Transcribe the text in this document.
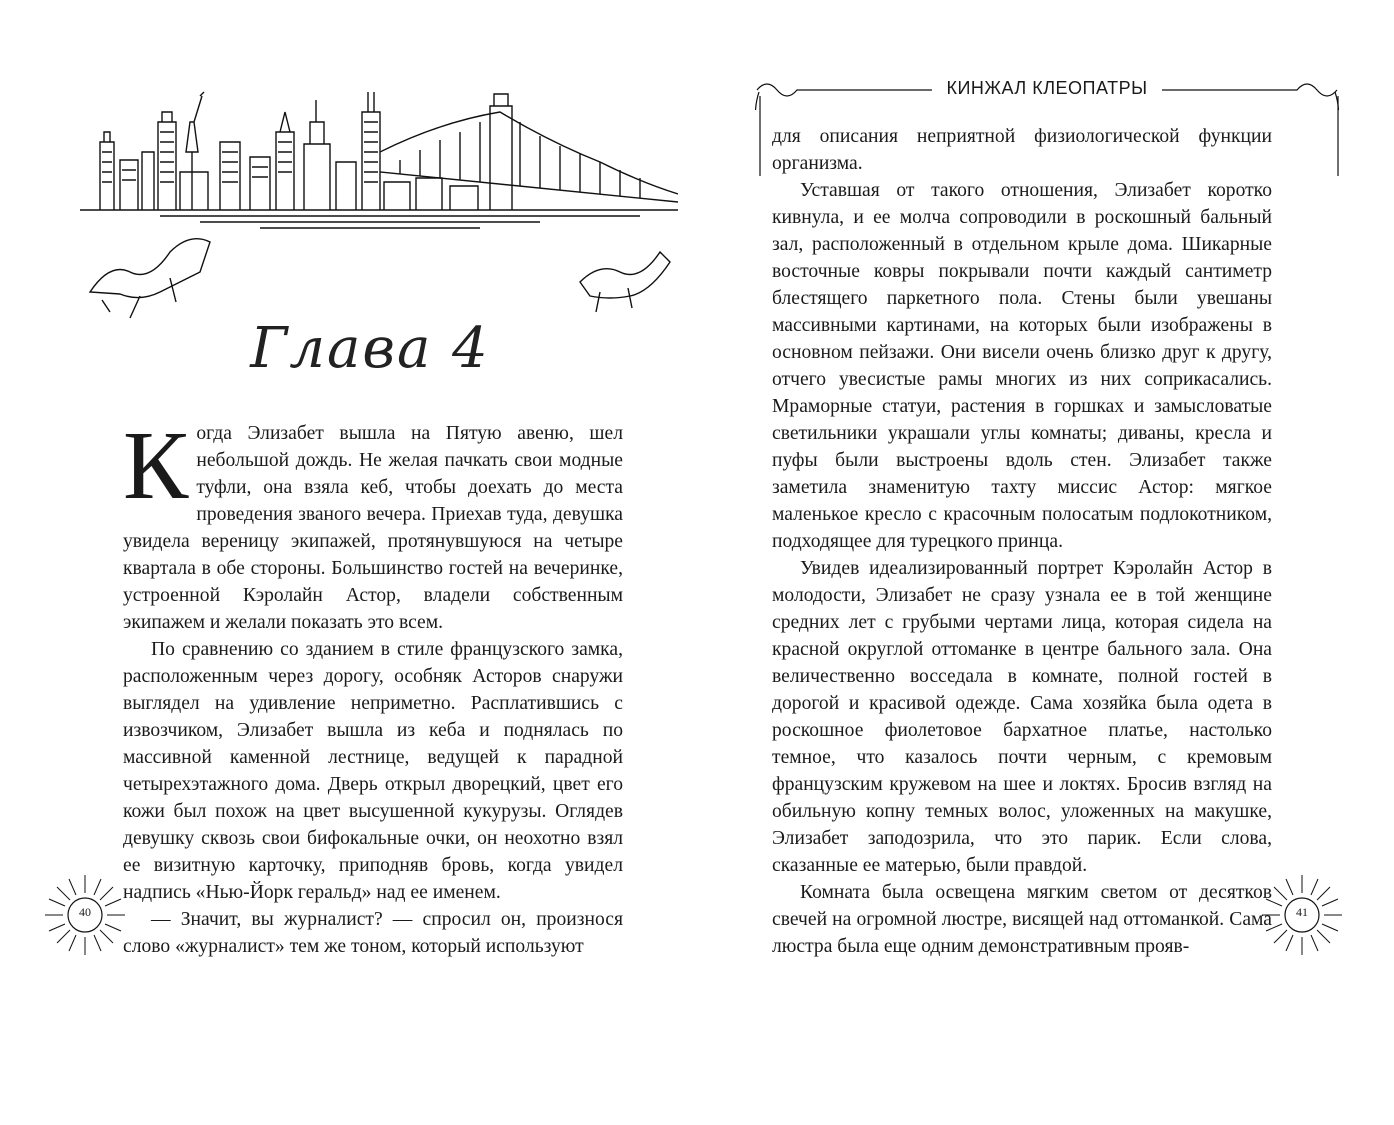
Глава 4

Когда Элизабет вышла на Пятую авеню, шел небольшой дождь. Не желая пачкать свои модные туфли, она взяла кеб, чтобы доехать до места проведения званого вечера. Приехав туда, девушка увидела вереницу экипажей, протянувшуюся на четыре квартала в обе стороны. Большинство гостей на вечеринке, устроенной Кэролайн Астор, владели собственным экипажем и желали показать это всем.

По сравнению со зданием в стиле французского замка, расположенным через дорогу, особняк Асторов снаружи выглядел на удивление неприметно. Расплатившись с извозчиком, Элизабет вышла из кеба и поднялась по массивной каменной лестнице, ведущей к парадной четырехэтажного дома. Дверь открыл дворецкий, цвет его кожи был похож на цвет высушенной кукурузы. Оглядев девушку сквозь свои бифокальные очки, он неохотно взял ее визитную карточку, приподняв бровь, когда увидел надпись «Нью-Йорк геральд» над ее именем.

— Значит, вы журналист? — спросил он, произнося слово «журналист» тем же тоном, который используют

40
КИНЖАЛ КЛЕОПАТРЫ

для описания неприятной физиологической функции организма.

Уставшая от такого отношения, Элизабет коротко кивнула, и ее молча сопроводили в роскошный бальный зал, расположенный в отдельном крыле дома. Шикарные восточные ковры покрывали почти каждый сантиметр блестящего паркетного пола. Стены были увешаны массивными картинами, на которых были изображены в основном пейзажи. Они висели очень близко друг к другу, отчего увесистые рамы многих из них соприкасались. Мраморные статуи, растения в горшках и замысловатые светильники украшали углы комнаты; диваны, кресла и пуфы были выстроены вдоль стен. Элизабет также заметила знаменитую тахту миссис Астор: мягкое маленькое кресло с красочным полосатым подлокотником, подходящее для турецкого принца.

Увидев идеализированный портрет Кэролайн Астор в молодости, Элизабет не сразу узнала ее в той женщине средних лет с грубыми чертами лица, которая сидела на красной округлой оттоманке в центре бального зала. Она величественно восседала в комнате, полной гостей в дорогой и красивой одежде. Сама хозяйка была одета в роскошное фиолетовое бархатное платье, настолько темное, что казалось почти черным, с кремовым французским кружевом на шее и локтях. Бросив взгляд на обильную копну темных волос, уложенных на макушке, Элизабет заподозрила, что это парик. Если слова, сказанные ее матерью, были правдой.

Комната была освещена мягким светом от десятков свечей на огромной люстре, висящей над оттоманкой. Сама люстра была еще одним демонстративным прояв-

41
